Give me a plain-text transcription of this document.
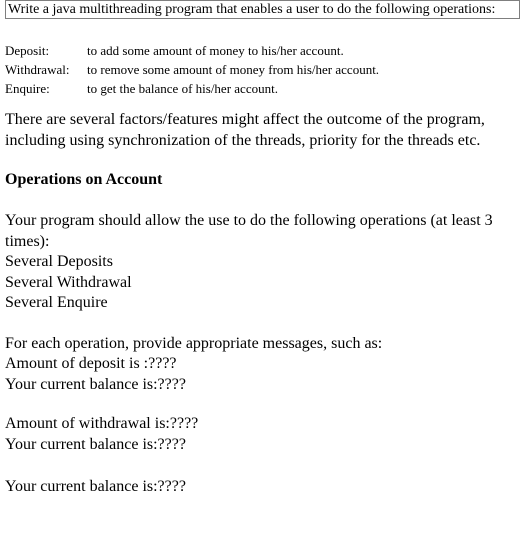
Write a java multithreading program that enables a user to do the following operations:
Deposit:	to add some amount of money to his/her account.
Withdrawal:	to remove some amount of money from his/her account.
Enquire:	to get the balance of his/her account.
There are several factors/features might affect the outcome of the program,
including using synchronization of the threads, priority for the threads etc.
Operations on Account
Your program should allow the use to do the following operations (at least 3
times):
Several Deposits
Several Withdrawal
Several Enquire
For each operation, provide appropriate messages, such as:
Amount of deposit is :????
Your current balance is:????
Amount of withdrawal is:????
Your current balance is:????
Your current balance is:????
